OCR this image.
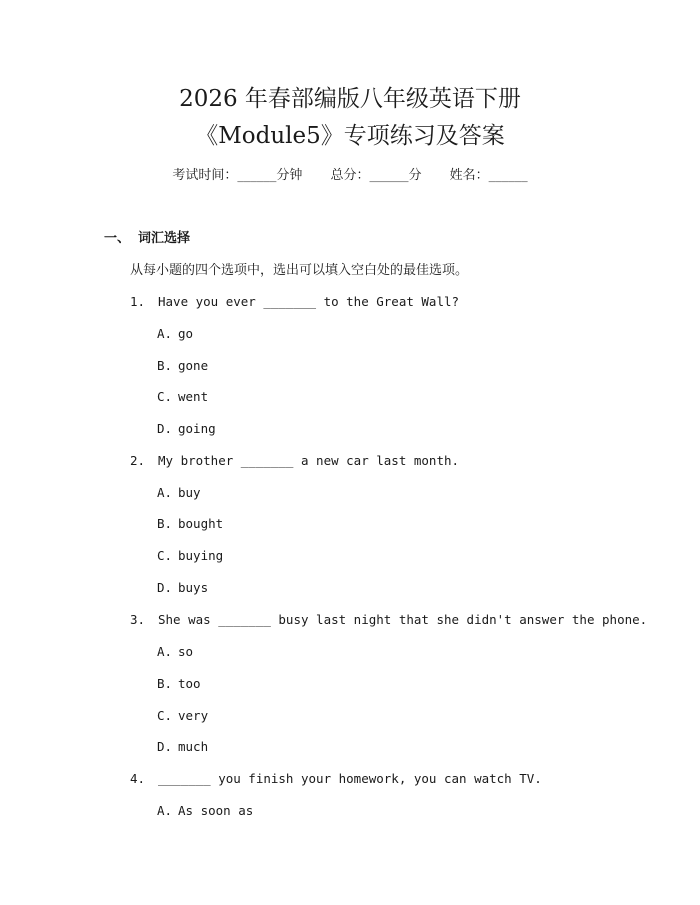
2026 年春部编版八年级英语下册
《Module5》专项练习及答案
考试时间：______分钟 总分：______分 姓名：______
一、 词汇选择
从每小题的四个选项中，选出可以填入空白处的最佳选项。
1. Have you ever _______ to the Great Wall?
A. go
B. gone
C. went
D. going
2. My brother _______ a new car last month.
A. buy
B. bought
C. buying
D. buys
3. She was _______ busy last night that she didn't answer the phone.
A. so
B. too
C. very
D. much
4. _______ you finish your homework, you can watch TV.
A. As soon as
